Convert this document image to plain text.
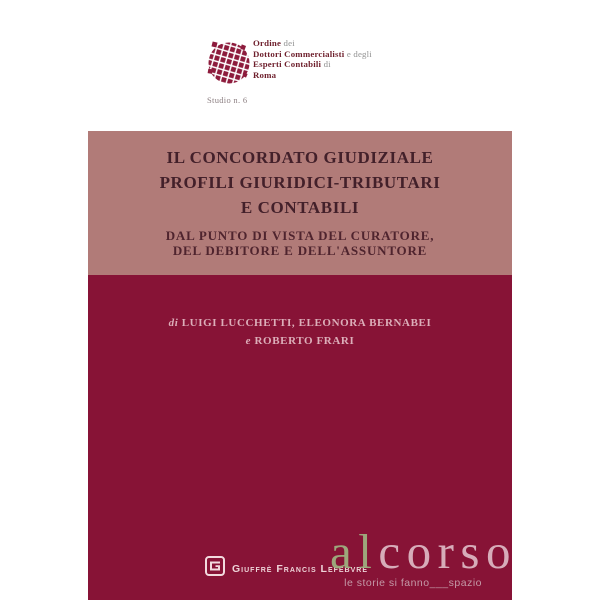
Ordine dei
Dottori Commercialisti e degli
Esperti Contabili di
Roma
Studio n. 6
IL CONCORDATO GIUDIZIALE
PROFILI GIURIDICI-TRIBUTARI
E CONTABILI
DAL PUNTO DI VISTA DEL CURATORE,
DEL DEBITORE E DELL'ASSUNTORE
di LUIGI LUCCHETTI, ELEONORA BERNABEI
e ROBERTO FRARI
Giuffrè Francis Lefebvre
alcorso
le storie si fanno___spazio
